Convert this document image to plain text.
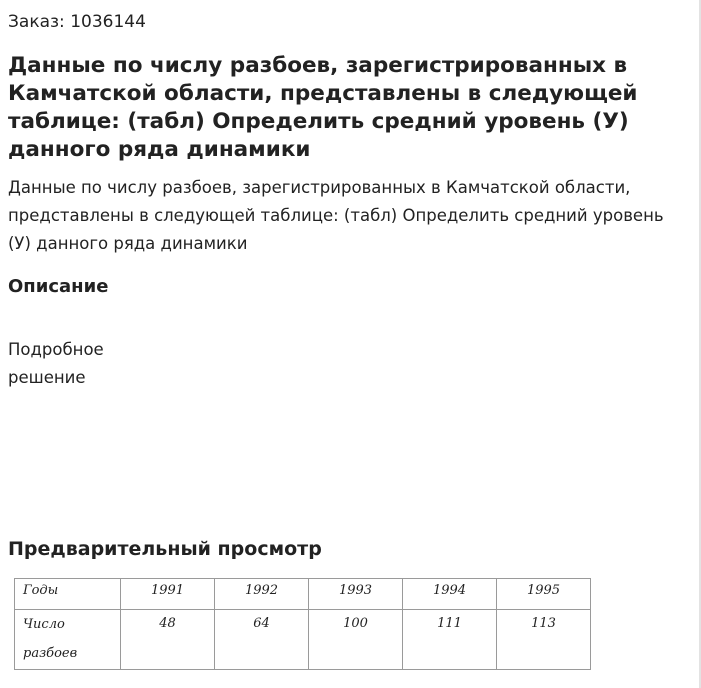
Заказ: 1036144
Данные по числу разбоев, зарегистрированных в Камчатской области, представлены в следующей таблице: (табл) Определить средний уровень (У) данного ряда динамики

Данные по числу разбоев, зарегистрированных в Камчатской области, представлены в следующей таблице: (табл) Определить средний уровень (У) данного ряда динамики

Описание

Подробное решение

Предварительный просмотр
Годы	1991	1992	1993	1994	1995

Число
разбоев	48	64	100	111	113
